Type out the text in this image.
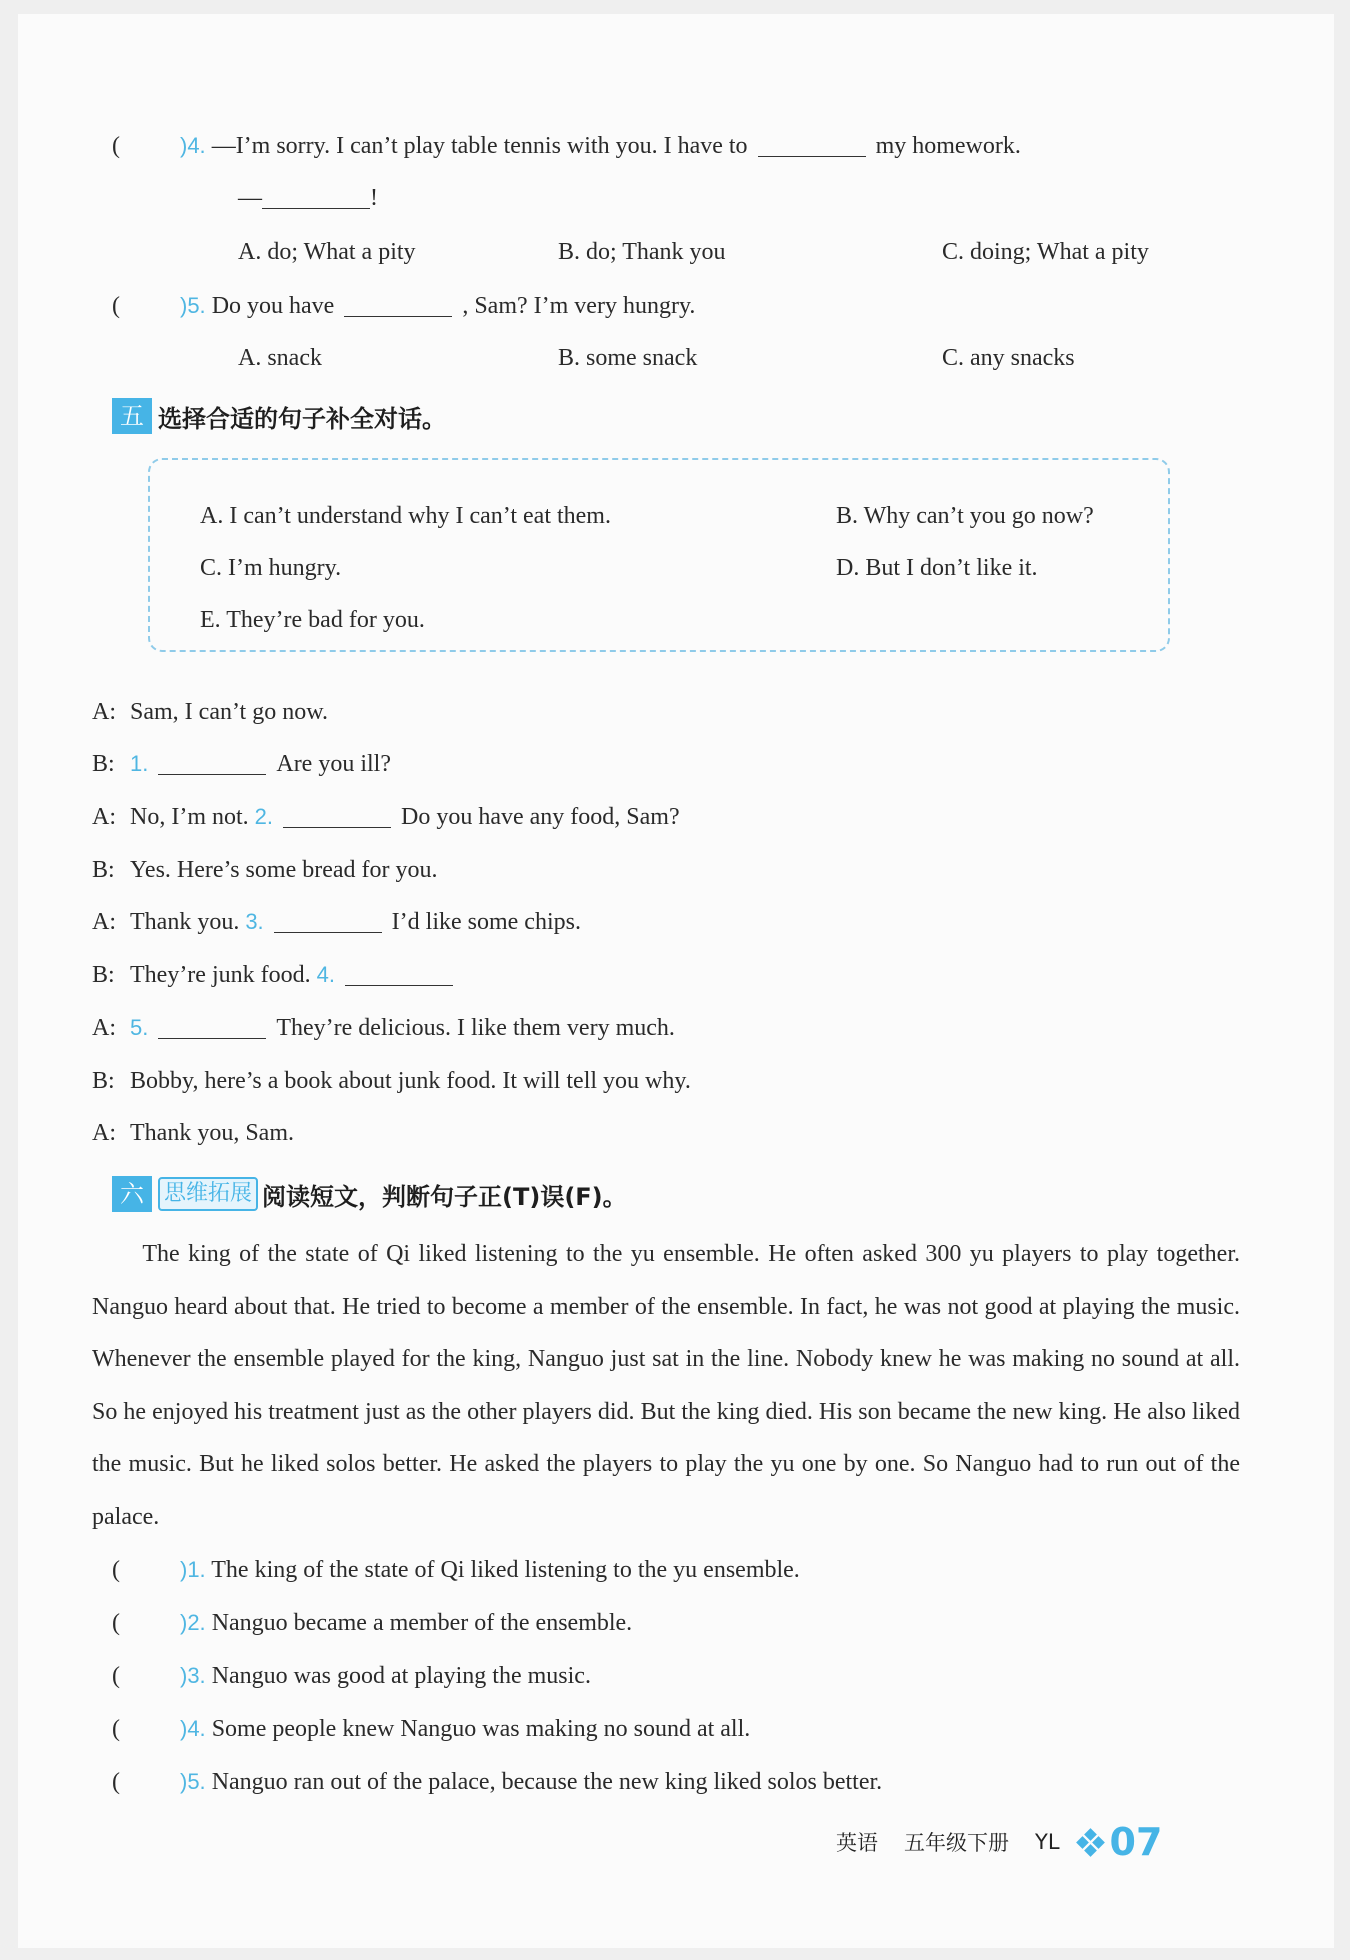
(	)4. —I’m sorry. I can’t play table tennis with you. I have to	my homework.
—	!
A. do; What a pity	B. do; Thank you	C. doing; What a pity
(	)5. Do you have	, Sam? I’m very hungry.
A. snack	B. some snack	C. any snacks
五 选择合适的句子补全对话。
A. I can’t understand why I can’t eat them.	B. Why can’t you go now?
C. I’m hungry.	D. But I don’t like it.
E. They’re bad for you.
A: Sam, I can’t go now.
B: 1.	Are you ill?
A: No, I’m not. 2.	Do you have any food, Sam?
B: Yes. Here’s some bread for you.
A: Thank you. 3.	I’d like some chips.
B: They’re junk food. 4.
A: 5.	They’re delicious. I like them very much.
B: Bobby, here’s a book about junk food. It will tell you why.
A: Thank you, Sam.
六 思维拓展 阅读短文，判断句子正(T)误(F)。

The king of the state of Qi liked listening to the yu ensemble. He often asked 300 yu players to play together. Nanguo heard about that. He tried to become a member of the ensemble. In fact, he was not good at playing the music. Whenever the ensemble played for the king, Nanguo just sat in the line. Nobody knew he was making no sound at all. So he enjoyed his treatment just as the other players did. But the king died. His son became the new king. He also liked the music. But he liked solos better. He asked the players to play the yu one by one. So Nanguo had to run out of the palace.

(	)1. The king of the state of Qi liked listening to the yu ensemble.
(	)2. Nanguo became a member of the ensemble.
(	)3. Nanguo was good at playing the music.
(	)4. Some people knew Nanguo was making no sound at all.
(	)5. Nanguo ran out of the palace, because the new king liked solos better.
英语 五年级下册 YL 07
